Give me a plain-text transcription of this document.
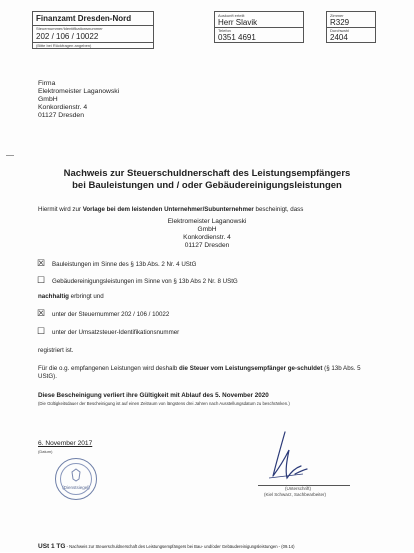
Finanzamt Dresden-Nord
Steuernummer/Identifikationsnummer
202 / 106 / 10022
(Bitte bei Rückfragen angeben)
Auskunft erteilt
Herr Slavik
Telefon
0351 4691
Zimmer
R329
Durchwahl
2404
Firma
Elektromeister Laganowski
GmbH
Konkordienstr. 4
01127 Dresden
Nachweis zur Steuerschuldnerschaft des Leistungsempfängers
bei Bauleistungen und / oder Gebäudereinigungsleistungen
Hiermit wird zur Vorlage bei dem leistenden Unternehmer/Subunternehmer bescheinigt, dass
Elektromeister Laganowski
GmbH
Konkordienstr. 4
01127 Dresden
☒ Bauleistungen im Sinne des § 13b Abs. 2 Nr. 4 UStG
☐ Gebäudereinigungsleistungen im Sinne von § 13b Abs 2 Nr. 8 UStG
nachhaltig erbringt und
☒ unter der Steuernummer 202 / 106 / 10022
☐ unter der Umsatzsteuer-Identifikationsnummer
registriert ist.
Für die o.g. empfangenen Leistungen wird deshalb die Steuer vom Leistungsempfänger ge-schuldet (§ 13b Abs. 5 UStG).
Diese Bescheinigung verliert ihre Gültigkeit mit Ablauf des 5. November 2020
(Die Gültigkeitsdauer der Bescheinigung ist auf einen Zeitraum von längstens drei Jahren nach Ausstellungsdatum zu beschränken.)
6. November 2017
(Datum)
(Dienstsiegel)	(Unterschrift)
(Kiel Schwarz, Sachbearbeiter)
USt 1 TG - Nachweis zur Steuerschuldnerschaft des Leistungsempfängers bei Bau- und/oder Gebäudereinigungsleistungen - (09.14)
